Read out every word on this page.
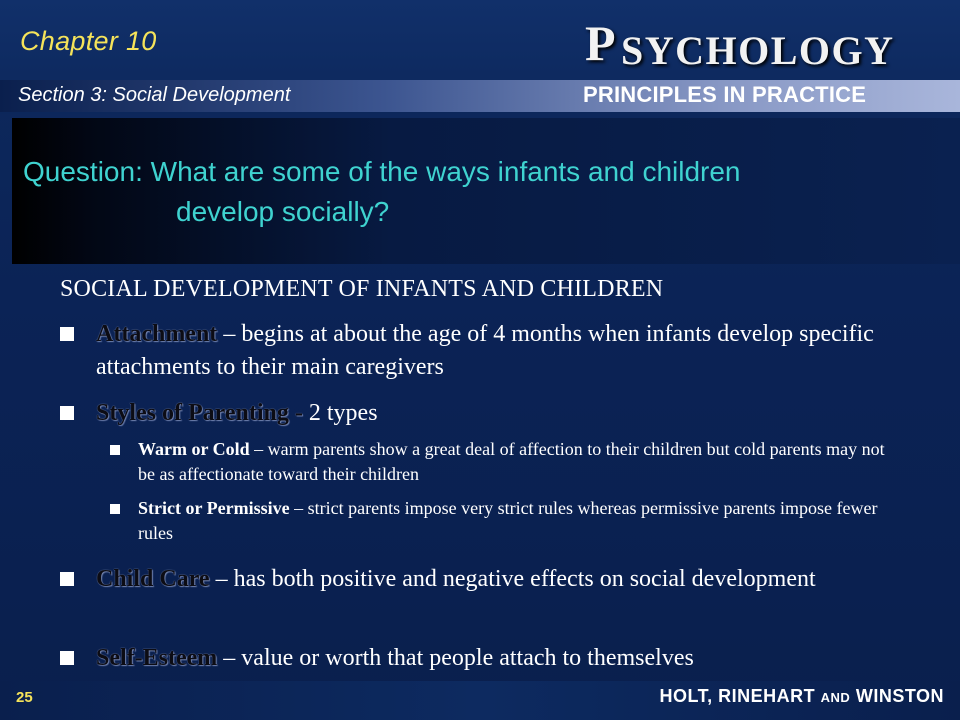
Chapter 10
Section 3: Social Development
P SYCHOLOGY
PRINCIPLES IN PRACTICE
Question: What are some of the ways infants and children
develop socially?
SOCIAL DEVELOPMENT OF INFANTS AND CHILDREN
Attachment – begins at about the age of 4 months when infants develop specific attachments to their main caregivers
Styles of Parenting - 2 types
Warm or Cold – warm parents show a great deal of affection to their children but cold parents may not be as affectionate toward their children
Strict or Permissive – strict parents impose very strict rules whereas permissive parents impose fewer rules
Child Care – has both positive and negative effects on social development
Self-Esteem – value or worth that people attach to themselves
25	HOLT, RINEHART AND WINSTON
